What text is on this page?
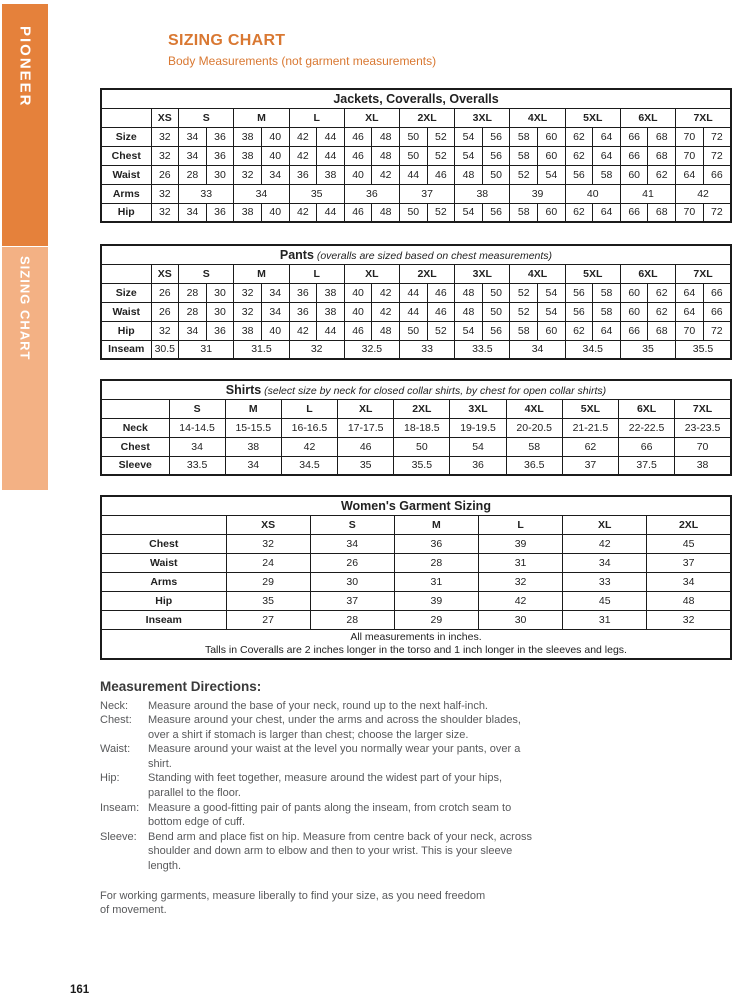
PIONEER
SIZING CHART
SIZING CHART
Body Measurements (not garment measurements)
Jackets, Coveralls, Overalls																					
	XS	S		M		L		XL		2XL		3XL		4XL		5XL		6XL		7XL	
Size	32	34	36	38	40	42	44	46	48	50	52	54	56	58	60	62	64	66	68	70	72
Chest	32	34	36	38	40	42	44	46	48	50	52	54	56	58	60	62	64	66	68	70	72
Waist	26	28	30	32	34	36	38	40	42	44	46	48	50	52	54	56	58	60	62	64	66
Arms	32	33		34		35		36		37		38		39		40		41		42	
Hip	32	34	36	38	40	42	44	46	48	50	52	54	56	58	60	62	64	66	68	70	72
Pants (overalls are sized based on chest measurements)																					
	XS	S		M		L		XL		2XL		3XL		4XL		5XL		6XL		7XL	
Size	26	28	30	32	34	36	38	40	42	44	46	48	50	52	54	56	58	60	62	64	66
Waist	26	28	30	32	34	36	38	40	42	44	46	48	50	52	54	56	58	60	62	64	66
Hip	32	34	36	38	40	42	44	46	48	50	52	54	56	58	60	62	64	66	68	70	72
Inseam	30.5	31		31.5		32		32.5		33		33.5		34		34.5		35		35.5	
Shirts (select size by neck for closed collar shirts, by chest for open collar shirts)										
	S	M	L	XL	2XL	3XL	4XL	5XL	6XL	7XL
Neck	14-14.5	15-15.5	16-16.5	17-17.5	18-18.5	19-19.5	20-20.5	21-21.5	22-22.5	23-23.5
Chest	34	38	42	46	50	54	58	62	66	70
Sleeve	33.5	34	34.5	35	35.5	36	36.5	37	37.5	38
Women's Garment Sizing						
	XS	S	M	L	XL	2XL
Chest	32	34	36	39	42	45
Waist	24	26	28	31	34	37
Arms	29	30	31	32	33	34
Hip	35	37	39	42	45	48
Inseam	27	28	29	30	31	32

All measurements in inches.
Talls in Coveralls are 2 inches longer in the torso and 1 inch longer in the sleeves and legs.						
Measurement Directions:
Neck:	Measure around the base of your neck, round up to the next half-inch.
Chest:	Measure around your chest, under the arms and across the shoulder blades, over a shirt if stomach is larger than chest; choose the larger size.
Waist:	Measure around your waist at the level you normally wear your pants, over a shirt.
Hip:	Standing with feet together, measure around the widest part of your hips, parallel to the floor.
Inseam: Measure a good-fitting pair of pants along the inseam, from crotch seam to bottom edge of cuff.
Sleeve:	Bend arm and place fist on hip. Measure from centre back of your neck, across shoulder and down arm to elbow and then to your wrist. This is your sleeve length.

For working garments, measure liberally to find your size, as you need freedom of movement.

161
